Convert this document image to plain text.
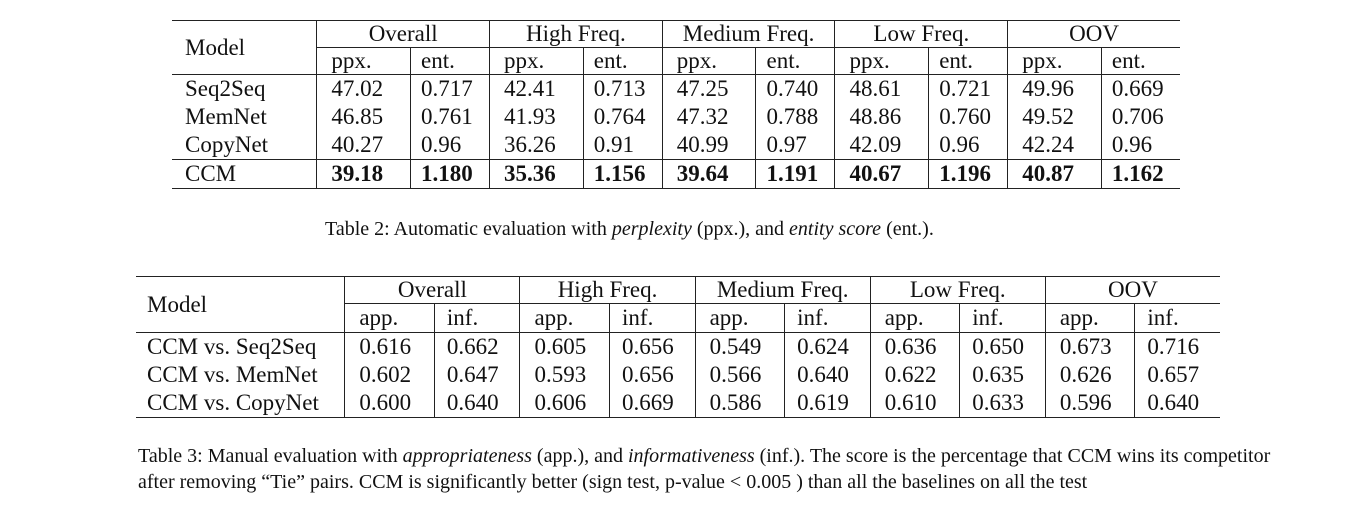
Model	Overall		High Freq.		Medium Freq.		Low Freq.		OOV	
	ppx.	ent.	ppx.	ent.	ppx.	ent.	ppx.	ent.	ppx.	ent.
Seq2Seq	47.02	0.717	42.41	0.713	47.25	0.740	48.61	0.721	49.96	0.669
MemNet	46.85	0.761	41.93	0.764	47.32	0.788	48.86	0.760	49.52	0.706
CopyNet	40.27	0.96	36.26	0.91	40.99	0.97	42.09	0.96	42.24	0.96
CCM	39.18	1.180	35.36	1.156	39.64	1.191	40.67	1.196	40.87	1.162
Table 2: Automatic evaluation with perplexity (ppx.), and entity score (ent.).
Model	Overall		High Freq.		Medium Freq.		Low Freq.		OOV	
	app.	inf.	app.	inf.	app.	inf.	app.	inf.	app.	inf.
CCM vs. Seq2Seq	0.616	0.662	0.605	0.656	0.549	0.624	0.636	0.650	0.673	0.716
CCM vs. MemNet	0.602	0.647	0.593	0.656	0.566	0.640	0.622	0.635	0.626	0.657
CCM vs. CopyNet	0.600	0.640	0.606	0.669	0.586	0.619	0.610	0.633	0.596	0.640
Table 3: Manual evaluation with appropriateness (app.), and informativeness (inf.). The score is the percentage that CCM wins its competitor
after removing “Tie” pairs. CCM is significantly better (sign test, p-value < 0.005 ) than all the baselines on all the test
